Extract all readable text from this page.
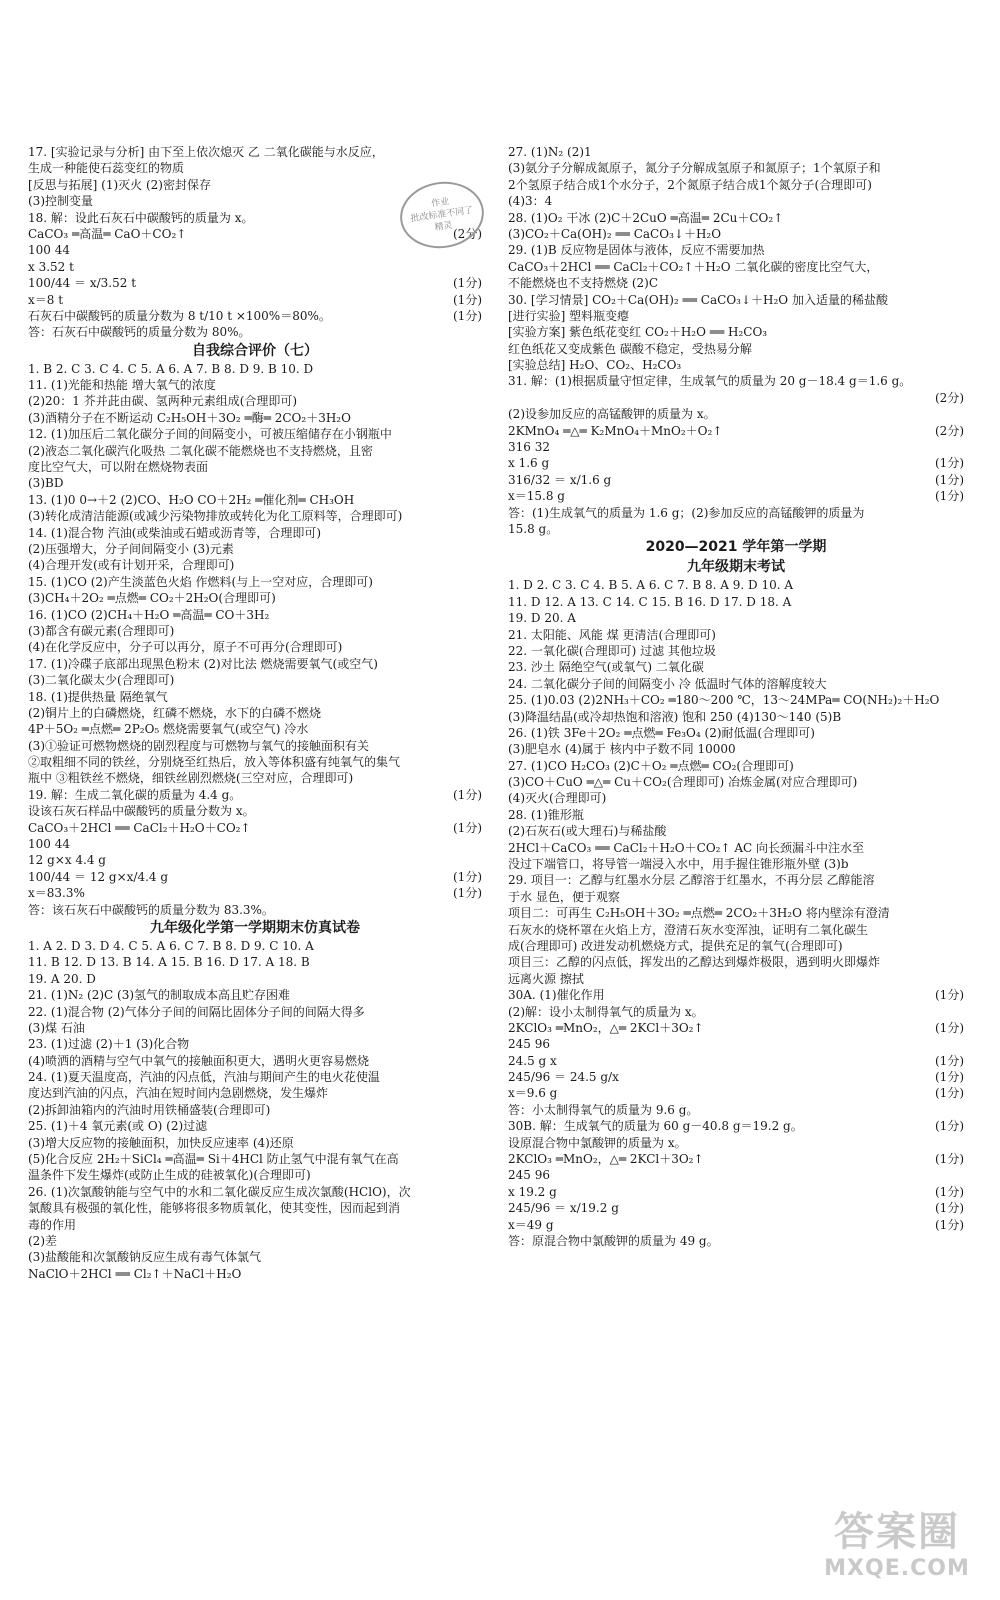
17. [实验记录与分析] 由下至上依次熄灭 乙 二氧化碳能与水反应，
生成一种能使石蕊变红的物质
[反思与拓展] (1)灭火 (2)密封保存
(3)控制变量
18. 解：设此石灰石中碳酸钙的质量为 x。
CaCO₃ ═高温═ CaO＋CO₂↑	(2分)
100 44
x 3.52 t
100/44 ＝ x/3.52 t	(1分)
x＝8 t	(1分)
石灰石中碳酸钙的质量分数为 8 t/10 t ×100%＝80%。	(1分)
答：石灰石中碳酸钙的质量分数为 80%。
自我综合评价（七）
1. B 2. C 3. C 4. C 5. A 6. A 7. B 8. D 9. B 10. D
11. (1)光能和热能 增大氧气的浓度
(2)20：1 芥并茈由碳、氢两种元素组成(合理即可)
(3)酒精分子在不断运动 C₂H₅OH＋3O₂ ═酶═ 2CO₂＋3H₂O
12. (1)加压后二氧化碳分子间的间隔变小，可被压缩储存在小钢瓶中
(2)液态二氧化碳汽化吸热 二氧化碳不能燃烧也不支持燃烧，且密
度比空气大，可以附在燃烧物表面
(3)BD
13. (1)0 0→＋2 (2)CO、H₂O CO＋2H₂ ═催化剂═ CH₃OH
(3)转化成清洁能源(或减少污染物排放或转化为化工原料等，合理即可)
14. (1)混合物 汽油(或柴油或石蜡或沥青等，合理即可)
(2)压强增大，分子间间隔变小 (3)元素
(4)合理开发(或有计划开采，合理即可)
15. (1)CO (2)产生淡蓝色火焰 作燃料(与上一空对应，合理即可)
(3)CH₄＋2O₂ ═点燃═ CO₂＋2H₂O(合理即可)
16. (1)CO (2)CH₄＋H₂O ═高温═ CO＋3H₂
(3)都含有碳元素(合理即可)
(4)在化学反应中，分子可以再分，原子不可再分(合理即可)
17. (1)冷碟子底部出现黑色粉末 (2)对比法 燃烧需要氧气(或空气)
(3)二氧化碳太少(合理即可)
18. (1)提供热量 隔绝氧气
(2)铜片上的白磷燃烧，红磷不燃烧，水下的白磷不燃烧
4P＋5O₂ ═点燃═ 2P₂O₅ 燃烧需要氧气(或空气) 冷水
(3)①验证可燃物燃烧的剧烈程度与可燃物与氧气的接触面积有关
②取粗细不同的铁丝，分别烧至红热后，放入等体积盛有纯氧气的集气
瓶中 ③粗铁丝不燃烧，细铁丝剧烈燃烧(三空对应，合理即可)
19. 解：生成二氧化碳的质量为 4.4 g。	(1分)
设该石灰石样品中碳酸钙的质量分数为 x。
CaCO₃＋2HCl ══ CaCl₂＋H₂O＋CO₂↑	(1分)
100 44
12 g×x 4.4 g
100/44 ＝ 12 g×x/4.4 g	(1分)
x＝83.3%	(1分)
答：该石灰石中碳酸钙的质量分数为 83.3%。
九年级化学第一学期期末仿真试卷
1. A 2. D 3. D 4. C 5. A 6. C 7. B 8. D 9. C 10. A
11. B 12. D 13. B 14. A 15. B 16. D 17. A 18. B
19. A 20. D
21. (1)N₂ (2)C (3)氢气的制取成本高且贮存困难
22. (1)混合物 (2)气体分子间的间隔比固体分子间的间隔大得多
(3)煤 石油
23. (1)过滤 (2)＋1 (3)化合物
(4)喷洒的酒精与空气中氧气的接触面积更大，遇明火更容易燃烧
24. (1)夏天温度高，汽油的闪点低，汽油与期间产生的电火花使温
度达到汽油的闪点，汽油在短时间内急剧燃烧，发生爆炸
(2)拆卸油箱内的汽油时用铁桶盛装(合理即可)
25. (1)＋4 氧元素(或 O) (2)过滤
(3)增大反应物的接触面积，加快反应速率 (4)还原
(5)化合反应 2H₂＋SiCl₄ ═高温═ Si＋4HCl 防止氢气中混有氧气在高
温条件下发生爆炸(或防止生成的硅被氧化)(合理即可)
26. (1)次氯酸钠能与空气中的水和二氧化碳反应生成次氯酸(HClO)，次
氯酸具有极强的氧化性，能够将很多物质氧化，使其变性，因而起到消
毒的作用
(2)差
(3)盐酸能和次氯酸钠反应生成有毒气体氯气
NaClO＋2HCl ══ Cl₂↑＋NaCl＋H₂O
27. (1)N₂ (2)1
(3)氨分子分解成氮原子，氮分子分解成氢原子和氮原子；1个氧原子和
2个氢原子结合成1个水分子，2个氮原子结合成1个氮分子(合理即可)
(4)3：4
28. (1)O₂ 干冰 (2)C＋2CuO ═高温═ 2Cu＋CO₂↑
(3)CO₂＋Ca(OH)₂ ══ CaCO₃↓＋H₂O
29. (1)B 反应物是固体与液体，反应不需要加热
CaCO₃＋2HCl ══ CaCl₂＋CO₂↑＋H₂O 二氧化碳的密度比空气大，
不能燃烧也不支持燃烧 (2)C
30. [学习情景] CO₂＋Ca(OH)₂ ══ CaCO₃↓＋H₂O 加入适量的稀盐酸
[进行实验] 塑料瓶变瘪
[实验方案] 紫色纸花变红 CO₂＋H₂O ══ H₂CO₃
红色纸花又变成紫色 碳酸不稳定，受热易分解
[实验总结] H₂O、CO₂、H₂CO₃
31. 解：(1)根据质量守恒定律，生成氧气的质量为 20 g－18.4 g＝1.6 g。
(2分)
(2)设参加反应的高锰酸钾的质量为 x。
2KMnO₄ ═△═ K₂MnO₄＋MnO₂＋O₂↑	(2分)
316 32
x 1.6 g	(1分)
316/32 ＝ x/1.6 g	(1分)
x＝15.8 g	(1分)
答：(1)生成氧气的质量为 1.6 g；(2)参加反应的高锰酸钾的质量为
15.8 g。
2020—2021 学年第一学期
九年级期末考试
1. D 2. C 3. C 4. B 5. A 6. C 7. B 8. A 9. D 10. A
11. D 12. A 13. C 14. C 15. B 16. D 17. D 18. A
19. D 20. A
21. 太阳能、风能 煤 更清洁(合理即可)
22. 一氧化碳(合理即可) 过滤 其他垃圾
23. 沙土 隔绝空气(或氧气) 二氧化碳
24. 二氧化碳分子间的间隔变小 冷 低温时气体的溶解度较大
25. (1)0.03 (2)2NH₃＋CO₂ ═180～200 ℃，13～24MPa═ CO(NH₂)₂＋H₂O
(3)降温结晶(或冷却热饱和溶液) 饱和 250 (4)130～140 (5)B
26. (1)铁 3Fe＋2O₂ ═点燃═ Fe₃O₄ (2)耐低温(合理即可)
(3)肥皂水 (4)属于 核内中子数不同 10000
27. (1)CO H₂CO₃ (2)C＋O₂ ═点燃═ CO₂(合理即可)
(3)CO＋CuO ═△═ Cu＋CO₂(合理即可) 冶炼金属(对应合理即可)
(4)灭火(合理即可)
28. (1)锥形瓶
(2)石灰石(或大理石)与稀盐酸
2HCl＋CaCO₃ ══ CaCl₂＋H₂O＋CO₂↑ AC 向长颈漏斗中注水至
没过下端管口，将导管一端浸入水中，用手握住锥形瓶外壁 (3)b
29. 项目一：乙醇与红墨水分层 乙醇溶于红墨水，不再分层 乙醇能溶
于水 显色，便于观察
项目二：可再生 C₂H₅OH＋3O₂ ═点燃═ 2CO₂＋3H₂O 将内壁涂有澄清
石灰水的烧杯罩在火焰上方，澄清石灰水变浑浊，证明有二氧化碳生
成(合理即可) 改进发动机燃烧方式，提供充足的氧气(合理即可)
项目三：乙醇的闪点低，挥发出的乙醇达到爆炸极限，遇到明火即爆炸
远离火源 擦拭
30A. (1)催化作用	(1分)
(2)解：设小太制得氧气的质量为 x。
2KClO₃ ═MnO₂，△═ 2KCl＋3O₂↑	(1分)
245 96
24.5 g x	(1分)
245/96 ＝ 24.5 g/x	(1分)
x＝9.6 g	(1分)
答：小太制得氧气的质量为 9.6 g。
30B. 解：生成氧气的质量为 60 g－40.8 g＝19.2 g。	(1分)
设原混合物中氯酸钾的质量为 x。
2KClO₃ ═MnO₂，△═ 2KCl＋3O₂↑	(1分)
245 96
x 19.2 g	(1分)
245/96 ＝ x/19.2 g	(1分)
x＝49 g	(1分)
答：原混合物中氯酸钾的质量为 49 g。
作业
批改标准不同了
精灵
答案圈
MXQE.COM
